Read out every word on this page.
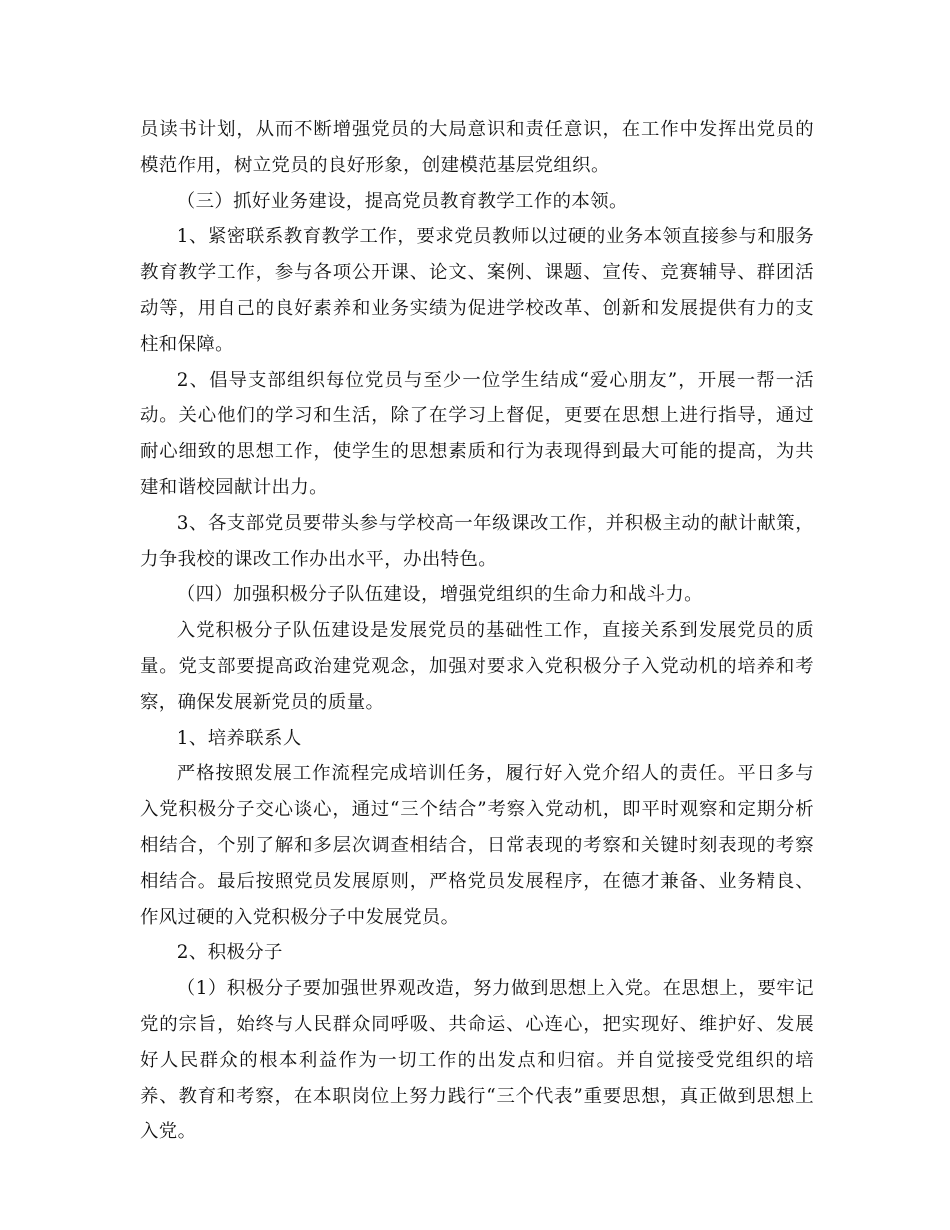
员读书计划，从而不断增强党员的大局意识和责任意识，在工作中发挥出党员的模范作用，树立党员的良好形象，创建模范基层党组织。

（三）抓好业务建设，提高党员教育教学工作的本领。

1、紧密联系教育教学工作，要求党员教师以过硬的业务本领直接参与和服务教育教学工作，参与各项公开课、论文、案例、课题、宣传、竞赛辅导、群团活动等，用自己的良好素养和业务实绩为促进学校改革、创新和发展提供有力的支柱和保障。

2、倡导支部组织每位党员与至少一位学生结成“爱心朋友”，开展一帮一活动。关心他们的学习和生活，除了在学习上督促，更要在思想上进行指导，通过耐心细致的思想工作，使学生的思想素质和行为表现得到最大可能的提高，为共建和谐校园献计出力。

3、各支部党员要带头参与学校高一年级课改工作，并积极主动的献计献策，力争我校的课改工作办出水平，办出特色。

（四）加强积极分子队伍建设，增强党组织的生命力和战斗力。

入党积极分子队伍建设是发展党员的基础性工作，直接关系到发展党员的质量。党支部要提高政治建党观念，加强对要求入党积极分子入党动机的培养和考察，确保发展新党员的质量。

1、培养联系人

严格按照发展工作流程完成培训任务，履行好入党介绍人的责任。平日多与入党积极分子交心谈心，通过“三个结合”考察入党动机，即平时观察和定期分析相结合，个别了解和多层次调查相结合，日常表现的考察和关键时刻表现的考察相结合。最后按照党员发展原则，严格党员发展程序，在德才兼备、业务精良、作风过硬的入党积极分子中发展党员。

2、积极分子

（1）积极分子要加强世界观改造，努力做到思想上入党。在思想上，要牢记党的宗旨，始终与人民群众同呼吸、共命运、心连心，把实现好、维护好、发展好人民群众的根本利益作为一切工作的出发点和归宿。并自觉接受党组织的培养、教育和考察，在本职岗位上努力践行“三个代表”重要思想，真正做到思想上入党。
